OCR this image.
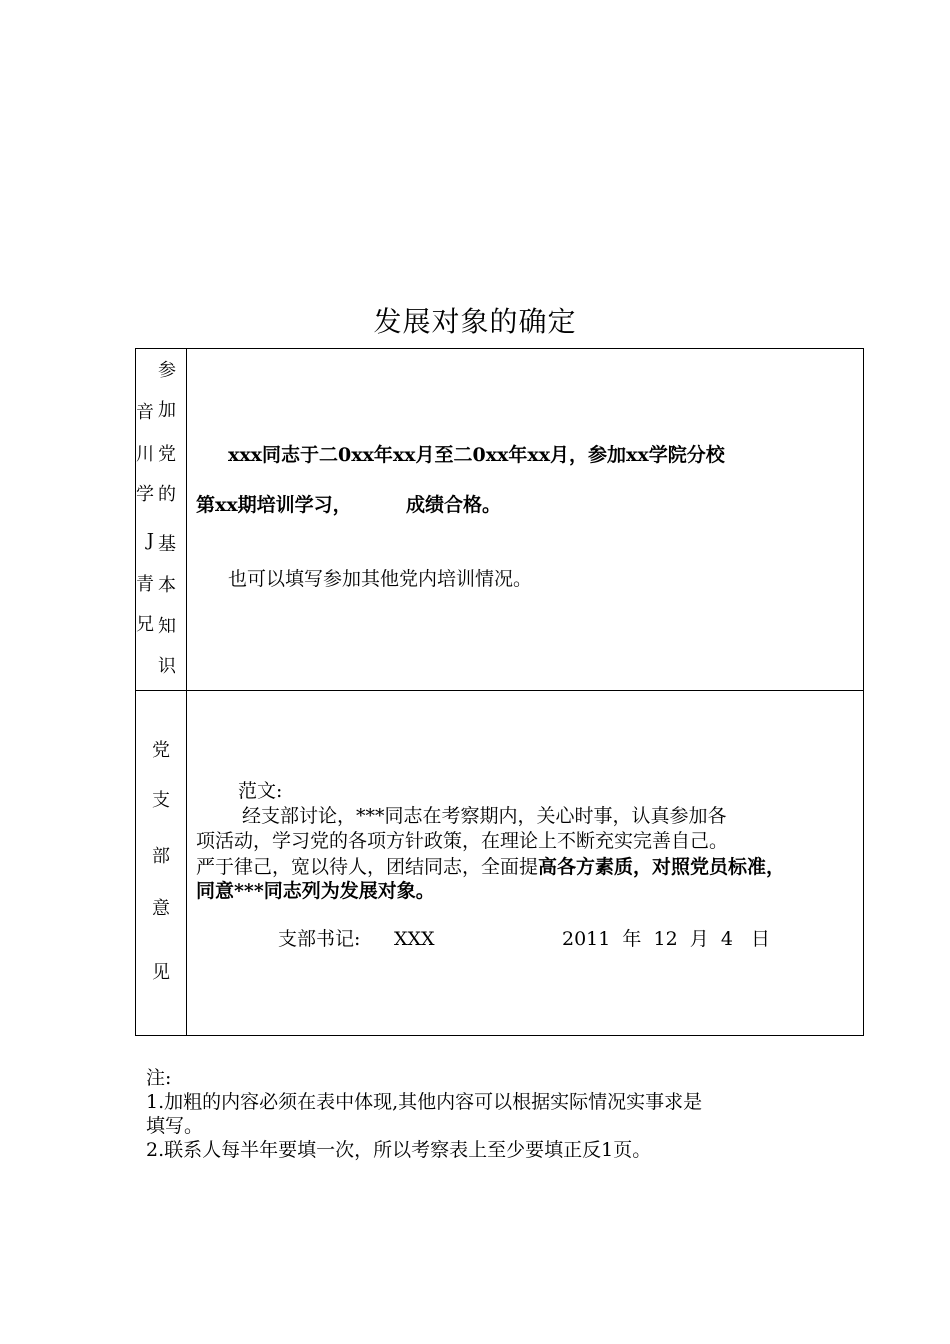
发展对象的确定
参
加
党
的
基
本
知
识
音
川
学
J
青
兄
xxx同志于二0xx年xx月至二0xx年xx月，参加xx学院分校
第xx期培训学习，	成绩合格。
也可以填写参加其他党内培训情况。
党
支
部
意
见
范文:
经支部讨论，***同志在考察期内，关心时事，认真参加各
项活动，学习党的各项方针政策，在理论上不断充实完善自己。
严于律己，宽以待人，团结同志，全面提高各方素质，对照党员标准，
同意***同志列为发展对象。
支部书记: XXX	2011  年  12  月  4   日
注:
1.加粗的内容必须在表中体现,其他内容可以根据实际情况实事求是
填写。
2.联系人每半年要填一次，所以考察表上至少要填正反1页。
